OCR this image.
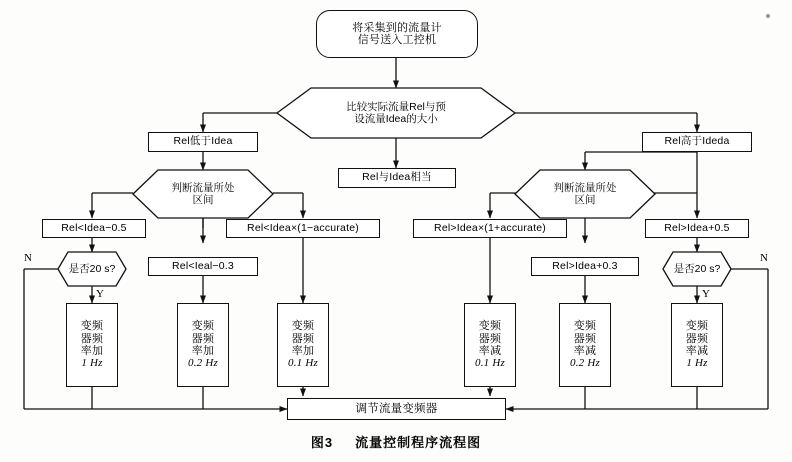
将采集到的流量计
信号送入工控机
比较实际流量Rel与预
设流量Idea的大小
Rel低于Idea
Rel与Idea相当
Rel高于Ideda
判断流量所处
区间
判断流量所处
区间
Rel<Idea−0.5	Rel<Idea×(1−accurate)
Rel<Ieal−0.3
Rel>Idea×(1+accurate)
Rel>Idea+0.3
Rel>Idea+0.5
是否20 s?	是否20 s?
N
Y
N
Y
变频
器频
率加
1 Hz
变频
器频
率加
0.2 Hz
变频
器频
率加
0.1 Hz
变频
器频
率减
0.1 Hz
变频
器频
率减
0.2 Hz
变频
器频
率减
1 Hz
调节流量变频器
图3 流量控制程序流程图
